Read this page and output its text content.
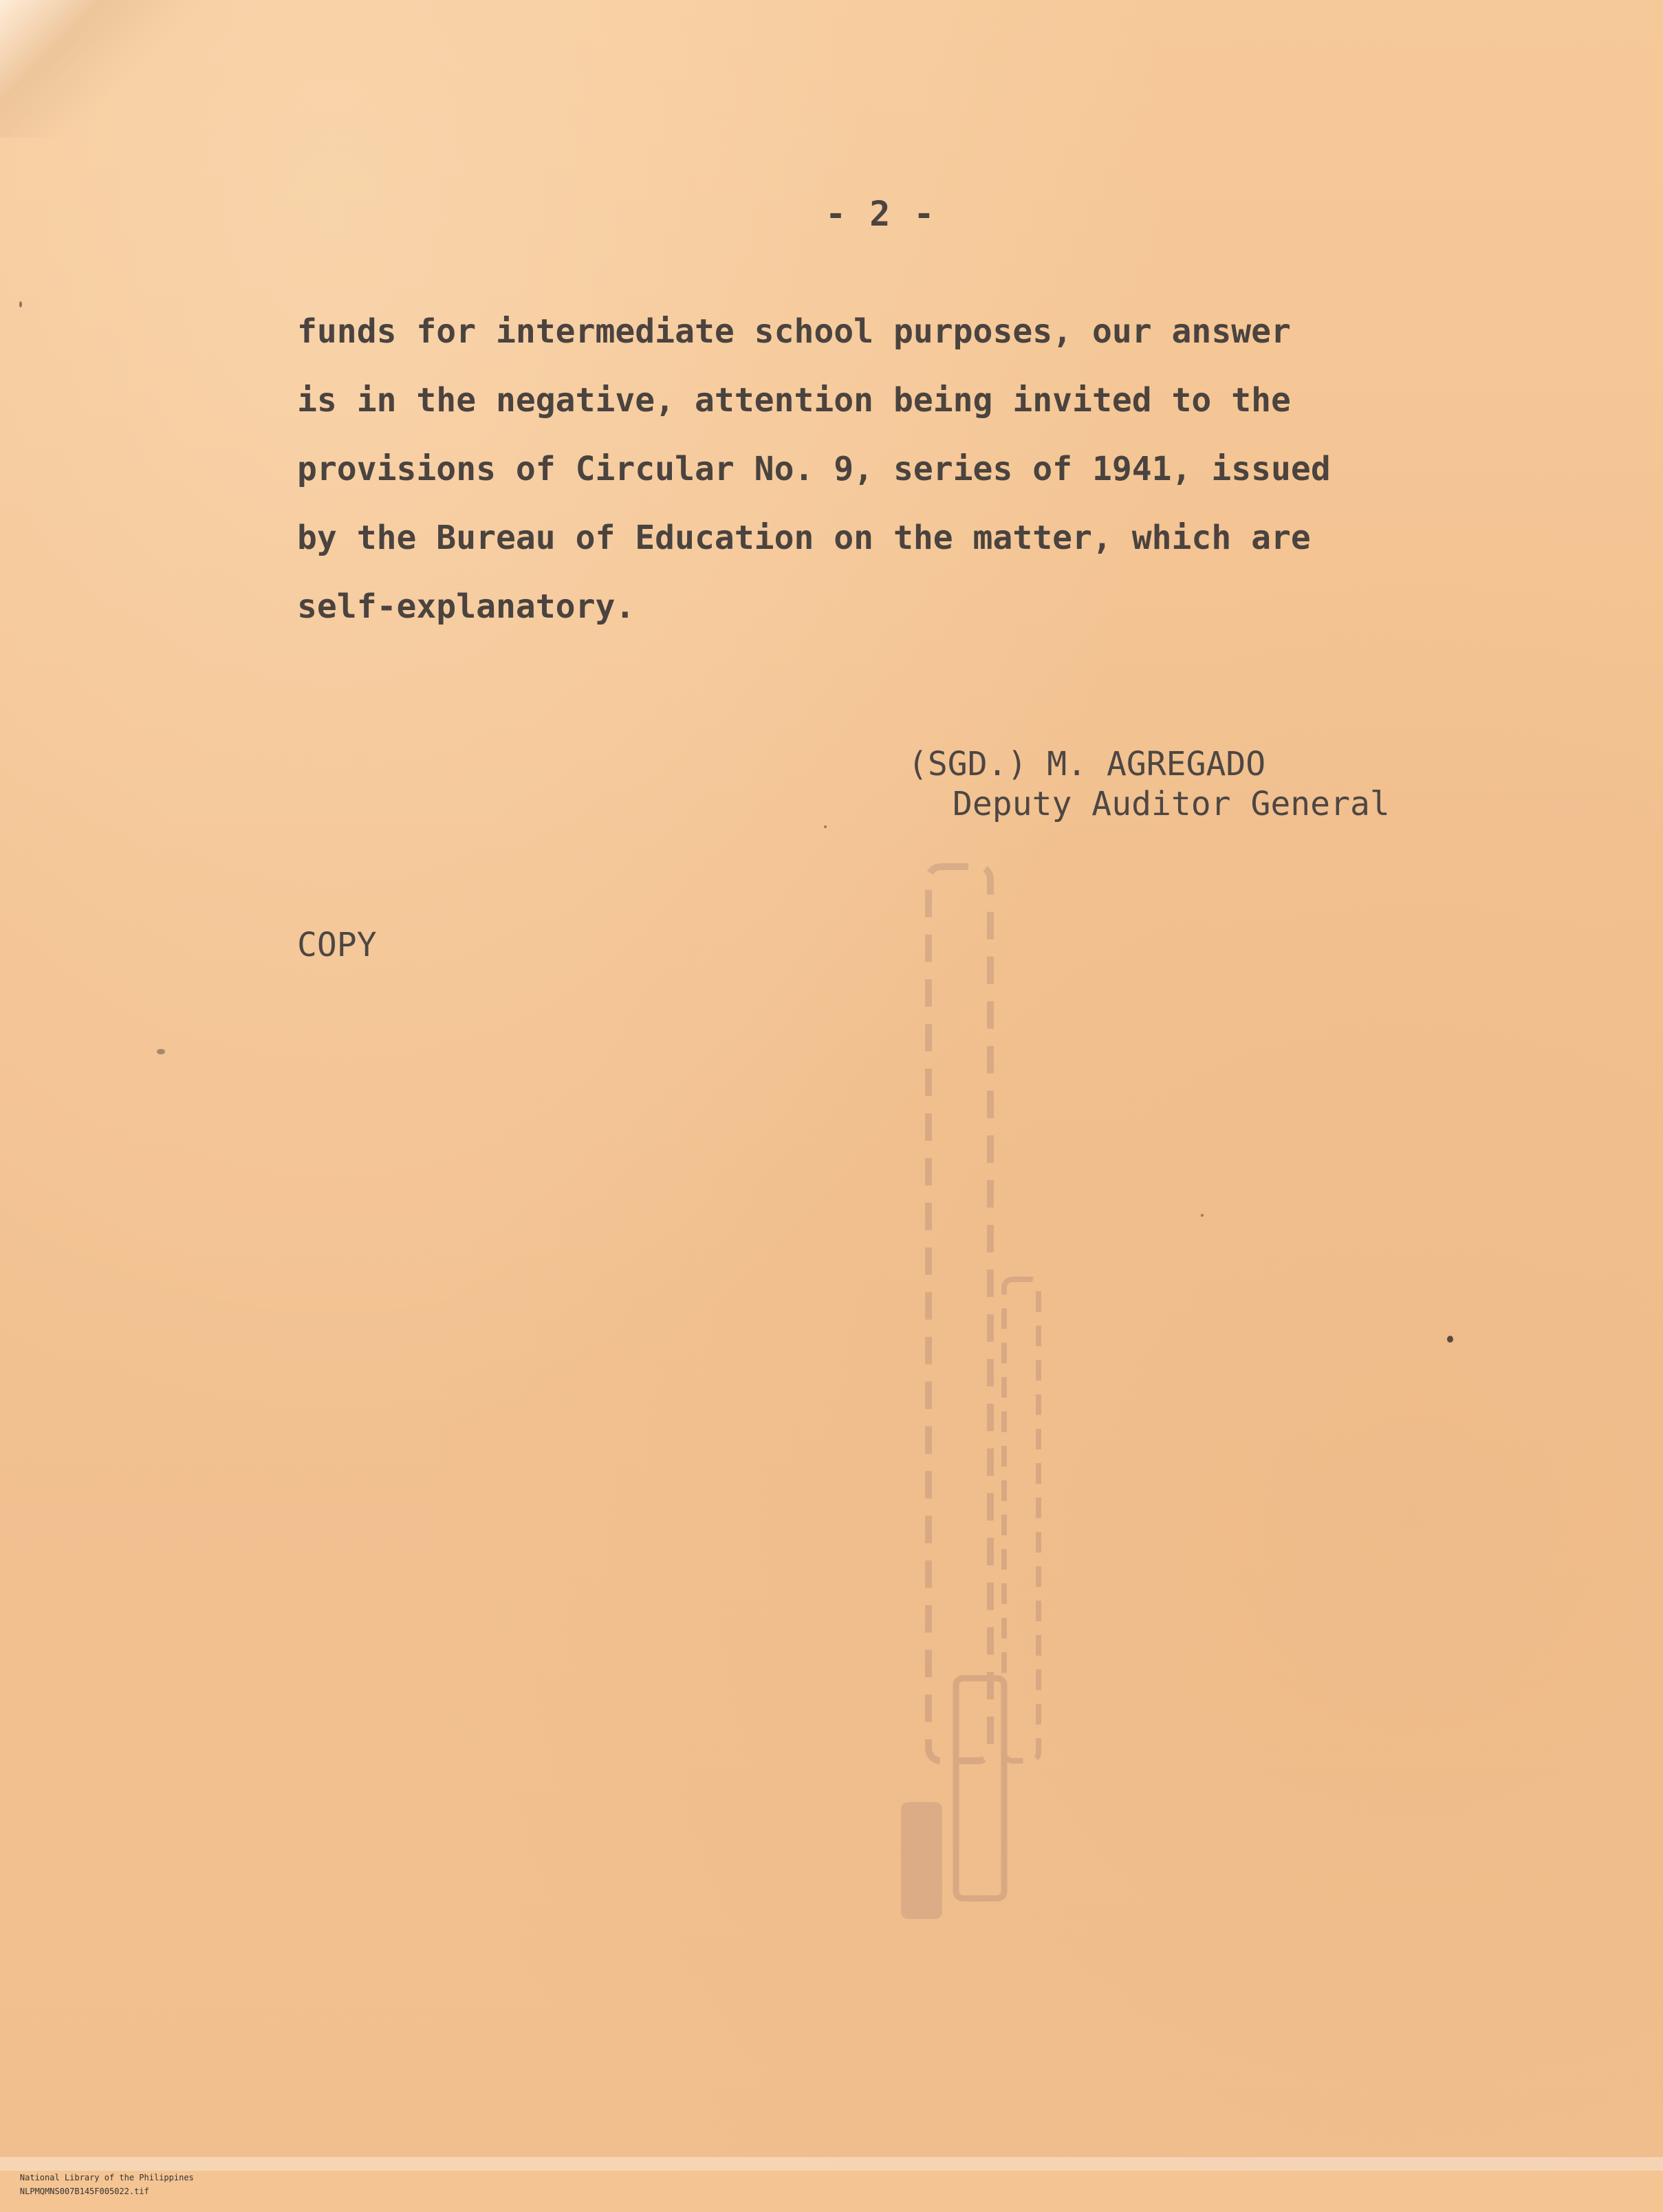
- 2 -
funds for intermediate school purposes, our answer
is in the negative, attention being invited to the
provisions of Circular No. 9, series of 1941, issued
by the Bureau of Education on the matter, which are
self-explanatory.
(SGD.) M. AGREGADO
Deputy Auditor General
COPY

National Library of the Philippines
NLPMQMNS007B145F005022.tif
